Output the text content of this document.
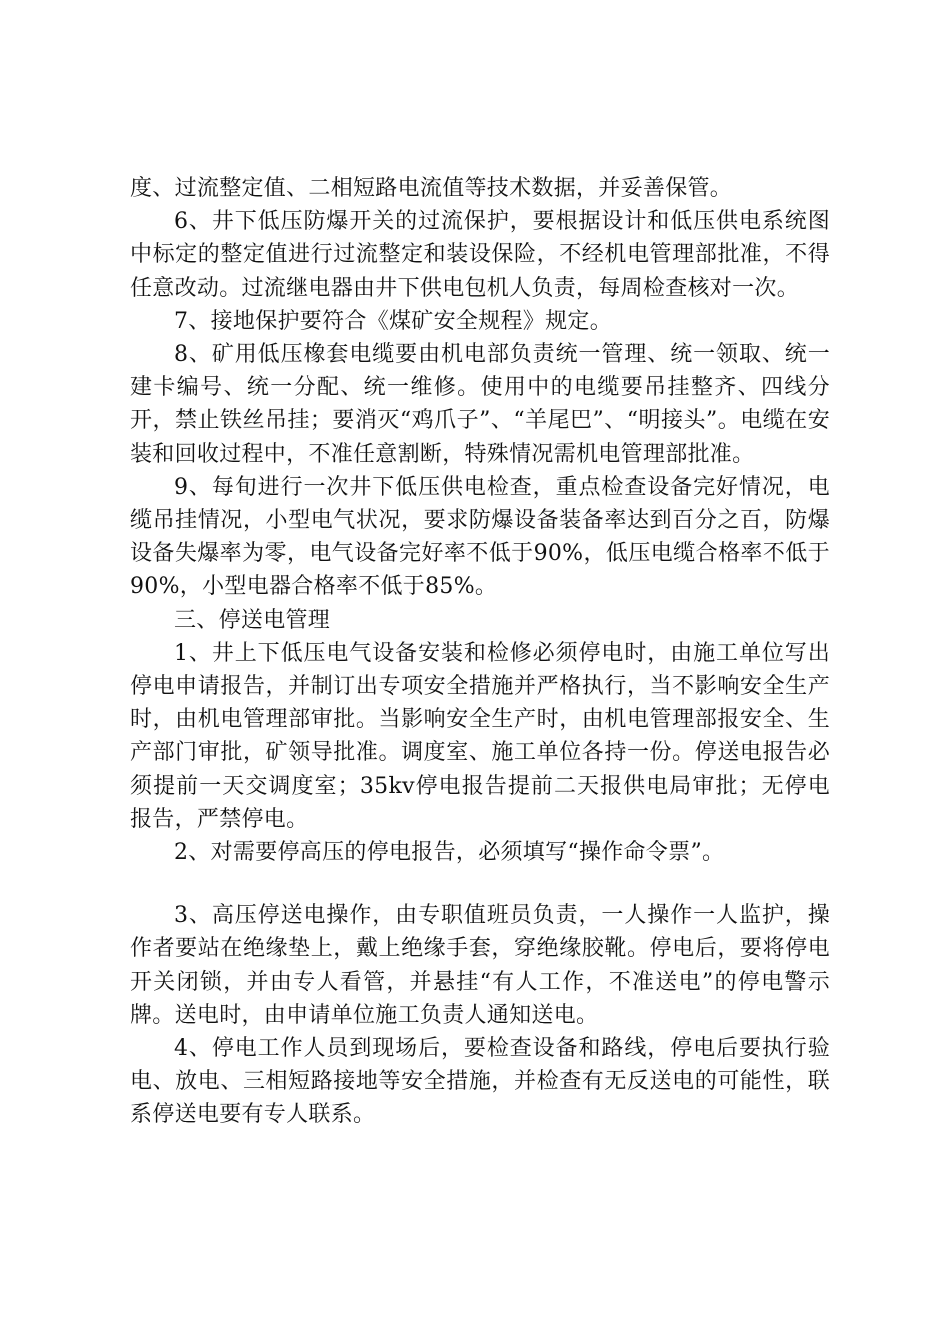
度、过流整定值、二相短路电流值等技术数据，并妥善保管。

6、井下低压防爆开关的过流保护，要根据设计和低压供电系统图中标定的整定值进行过流整定和装设保险，不经机电管理部批准，不得任意改动。过流继电器由井下供电包机人负责，每周检查核对一次。

7、接地保护要符合《煤矿安全规程》规定。

8、矿用低压橡套电缆要由机电部负责统一管理、统一领取、统一建卡编号、统一分配、统一维修。使用中的电缆要吊挂整齐、四线分开，禁止铁丝吊挂；要消灭“鸡爪子”、“羊尾巴”、“明接头”。电缆在安装和回收过程中，不准任意割断，特殊情况需机电管理部批准。

9、每旬进行一次井下低压供电检查，重点检查设备完好情况，电缆吊挂情况，小型电气状况，要求防爆设备装备率达到百分之百，防爆设备失爆率为零，电气设备完好率不低于90%，低压电缆合格率不低于90%，小型电器合格率不低于85%。

三、停送电管理

1、井上下低压电气设备安装和检修必须停电时，由施工单位写出停电申请报告，并制订出专项安全措施并严格执行，当不影响安全生产时，由机电管理部审批。当影响安全生产时，由机电管理部报安全、生产部门审批，矿领导批准。调度室、施工单位各持一份。停送电报告必须提前一天交调度室；35kv停电报告提前二天报供电局审批；无停电报告，严禁停电。

2、对需要停高压的停电报告，必须填写“操作命令票”。

3、高压停送电操作，由专职值班员负责，一人操作一人监护，操作者要站在绝缘垫上，戴上绝缘手套，穿绝缘胶靴。停电后，要将停电开关闭锁，并由专人看管，并悬挂“有人工作，不准送电”的停电警示牌。送电时，由申请单位施工负责人通知送电。

4、停电工作人员到现场后，要检查设备和路线，停电后要执行验电、放电、三相短路接地等安全措施，并检查有无反送电的可能性，联系停送电要有专人联系。
